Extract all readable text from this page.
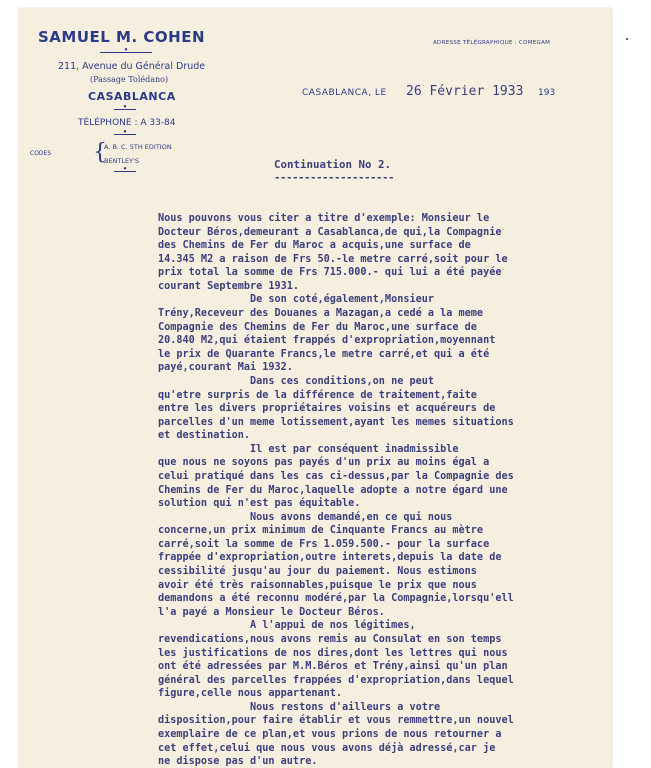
SAMUEL M. COHEN
•
211, Avenue du Général Drude
(Passage Tolédano)
CASABLANCA
•
TÉLÉPHONE : A 33-84
•
CODES {
A. B. C. 5TH EDITION
BENTLEY'S
•
ADRESSE TÉLÉGRAPHIQUE : COMEGAM
CASABLANCA, LE 26 Février 1933 193
Continuation No 2.
--------------------
Nous pouvons vous citer a titre d'exemple: Monsieur le
Docteur Béros,demeurant a Casablanca,de qui,la Compagnie
des Chemins de Fer du Maroc a acquis,une surface de
14.345 M2 a raison de Frs 50.-le metre carré,soit pour le
prix total la somme de Frs 715.000.- qui lui a été payée
courant Septembre 1931.
De son coté,également,Monsieur
Trény,Receveur des Douanes a Mazagan,a cedé a la meme
Compagnie des Chemins de Fer du Maroc,une surface de
20.840 M2,qui étaient frappés d'expropriation,moyennant
le prix de Quarante Francs,le metre carré,et qui a été
payé,courant Mai 1932.
Dans ces conditions,on ne peut
qu'etre surpris de la différence de traitement,faite
entre les divers propriétaires voisins et acquéreurs de
parcelles d'un meme lotissement,ayant les memes situations
et destination.
Il est par conséquent inadmissible
que nous ne soyons pas payés d'un prix au moins égal a
celui pratiqué dans les cas ci-dessus,par la Compagnie des
Chemins de Fer du Maroc,laquelle adopte a notre égard une
solution qui n'est pas équitable.
Nous avons demandé,en ce qui nous
concerne,un prix minimum de Cinquante Francs au mètre
carré,soit la somme de Frs 1.059.500.- pour la surface
frappée d'expropriation,outre interets,depuis la date de
cessibilité jusqu'au jour du paiement. Nous estimons
avoir été très raisonnables,puisque le prix que nous
demandons a été reconnu modéré,par la Compagnie,lorsqu'ell
l'a payé a Monsieur le Docteur Béros.
A l'appui de nos légitimes,
revendications,nous avons remis au Consulat en son temps
les justifications de nos dires,dont les lettres qui nous
ont été adressées par M.M.Béros et Trény,ainsi qu'un plan
général des parcelles frappées d'expropriation,dans lequel
figure,celle nous appartenant.
Nous restons d'ailleurs a votre
disposition,pour faire établir et vous remmettre,un nouvel
exemplaire de ce plan,et vous prions de nous retourner a
cet effet,celui que nous vous avons déjà adressé,car je
ne dispose pas d'un autre.
